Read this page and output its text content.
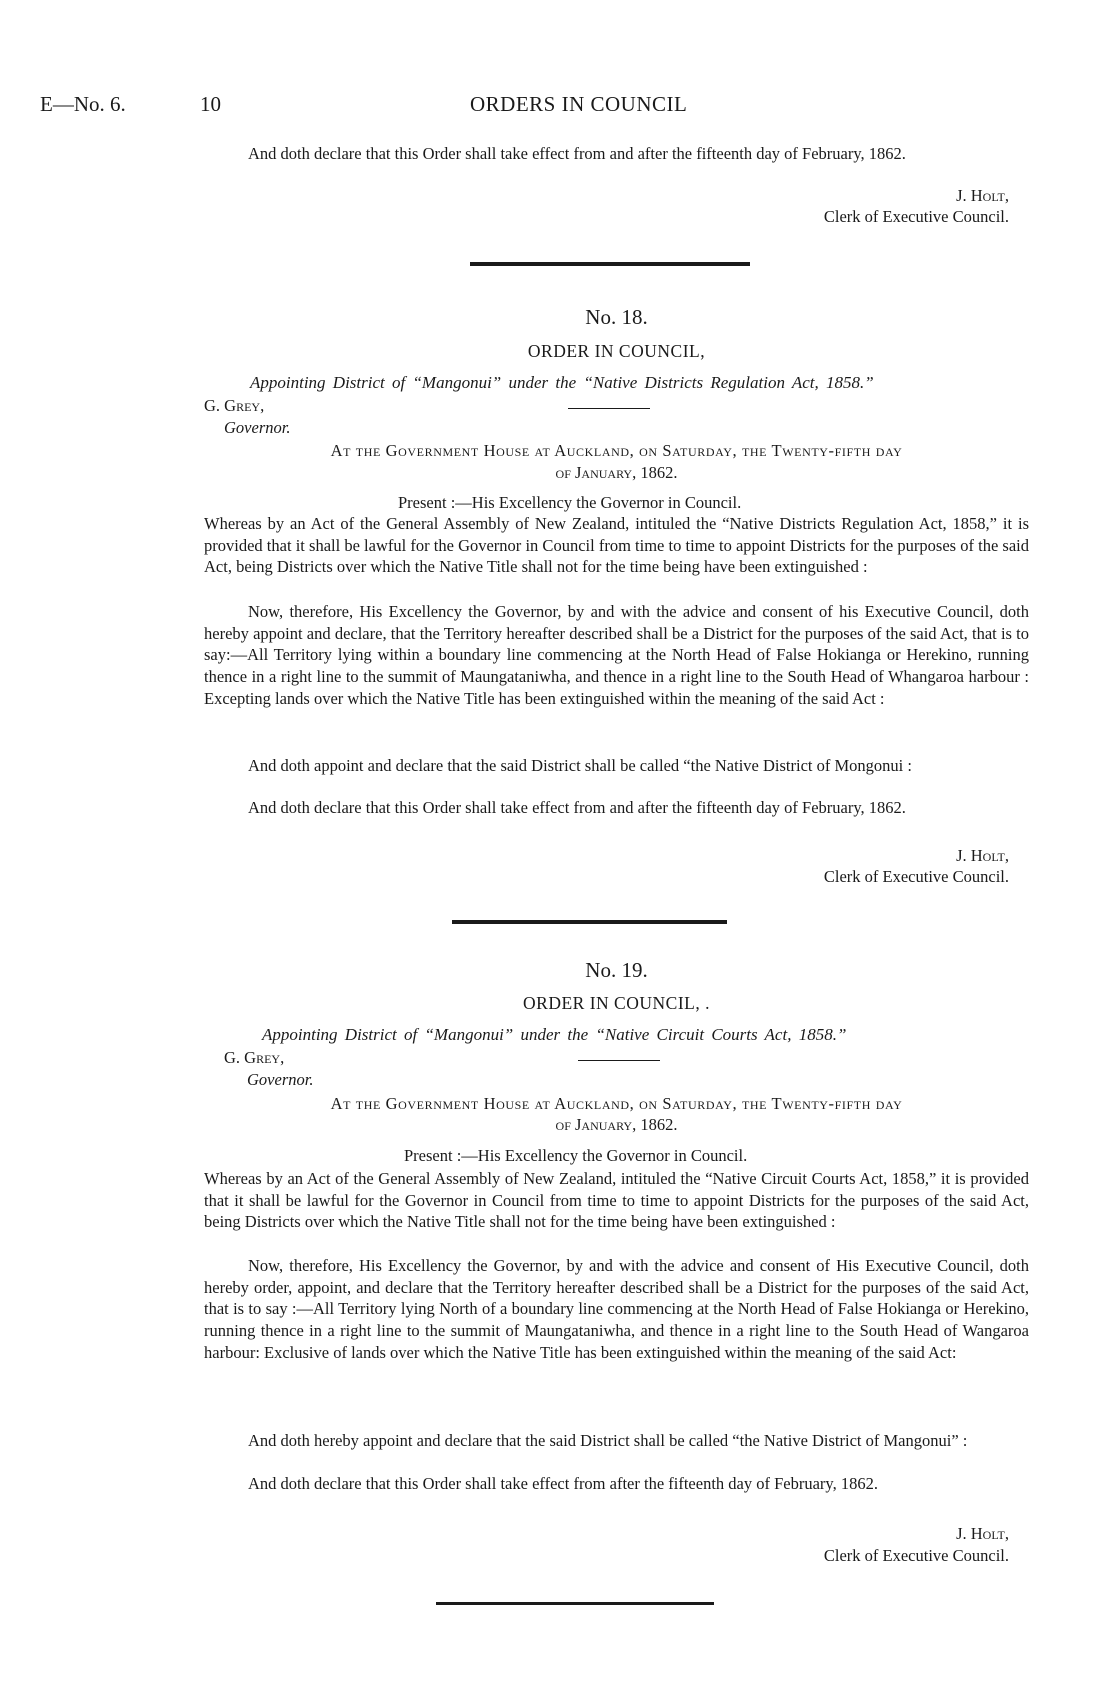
E—No. 6.	10	ORDERS IN COUNCIL
And doth declare that this Order shall take effect from and after the fifteenth day of February, 1862.
J. Holt,
Clerk of Executive Council.
No. 18.
ORDER IN COUNCIL,
Appointing District of “Mangonui” under the “Native Districts Regulation Act, 1858.”
G. Grey,
Governor.
At the Government House at Auckland, on Saturday, the Twenty-fifth day
of January, 1862.
Present :—His Excellency the Governor in Council.
Whereas by an Act of the General Assembly of New Zealand, intituled the “Native Districts Regulation Act, 1858,” it is provided that it shall be lawful for the Governor in Council from time to time to appoint Districts for the purposes of the said Act, being Districts over which the Native Title shall not for the time being have been extinguished :
Now, therefore, His Excellency the Governor, by and with the advice and consent of his Executive Council, doth hereby appoint and declare, that the Territory hereafter described shall be a District for the purposes of the said Act, that is to say:—All Territory lying within a boundary line commencing at the North Head of False Hokianga or Herekino, running thence in a right line to the summit of Maungataniwha, and thence in a right line to the South Head of Whangaroa harbour : Excepting lands over which the Native Title has been extinguished within the meaning of the said Act :
And doth appoint and declare that the said District shall be called “the Native District of Mongonui :
And doth declare that this Order shall take effect from and after the fifteenth day of February, 1862.
J. Holt,
Clerk of Executive Council.
No. 19.
ORDER IN COUNCIL, .
Appointing District of “Mangonui” under the “Native Circuit Courts Act, 1858.”
G. Grey,
Governor.
At the Government House at Auckland, on Saturday, the Twenty-fifth day
of January, 1862.
Present :—His Excellency the Governor in Council.
Whereas by an Act of the General Assembly of New Zealand, intituled the “Native Circuit Courts Act, 1858,” it is provided that it shall be lawful for the Governor in Council from time to time to appoint Districts for the purposes of the said Act, being Districts over which the Native Title shall not for the time being have been extinguished :
Now, therefore, His Excellency the Governor, by and with the advice and consent of His Executive Council, doth hereby order, appoint, and declare that the Territory hereafter described shall be a District for the purposes of the said Act, that is to say :—All Territory lying North of a boundary line commencing at the North Head of False Hokianga or Herekino, running thence in a right line to the summit of Maungataniwha, and thence in a right line to the South Head of Wangaroa harbour: Exclusive of lands over which the Native Title has been extinguished within the meaning of the said Act:
And doth hereby appoint and declare that the said District shall be called “the Native District of Mangonui” :
And doth declare that this Order shall take effect from after the fifteenth day of February, 1862.
J. Holt,
Clerk of Executive Council.
